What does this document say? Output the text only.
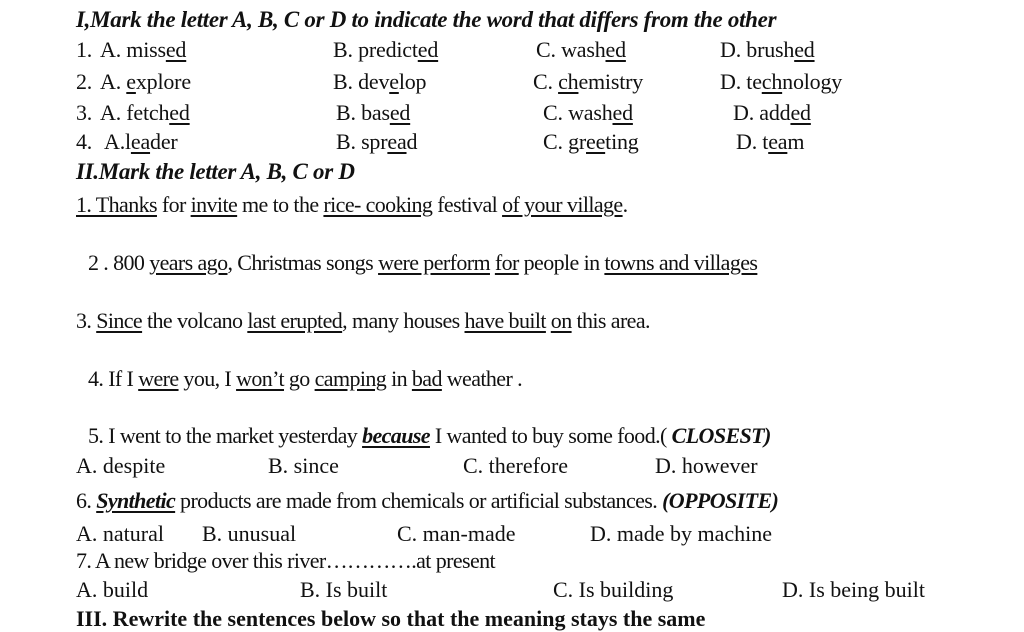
I,Mark the letter A, B, C or D to indicate the word that differs from the other
1. A. missed	B. predicted	C. washed	D. brushed
2. A. explore	B. develop	C. chemistry	D. technology
3. A. fetched	B. based	C. washed	D. added
4. A.leader	B. spread	C. greeting	D. team
II.Mark the letter A, B, C or D
1. Thanks for invite me to the rice- cooking festival of your village.
2 . 800 years ago, Christmas songs were perform for people in towns and villages
3. Since the volcano last erupted, many houses have built on this area.
4. If I were you, I won’t go camping in bad weather .
5. I went to the market yesterday because I wanted to buy some food.( CLOSEST)
A. despite	B. since	C. therefore	D. however
6. Synthetic products are made from chemicals or artificial substances. (OPPOSITE)
A. natural B. unusual	C. man-made	D. made by machine
7. A new bridge over this river………….at present
A. build	B. Is built	C. Is building	D. Is being built
III. Rewrite the sentences below so that the meaning stays the same
